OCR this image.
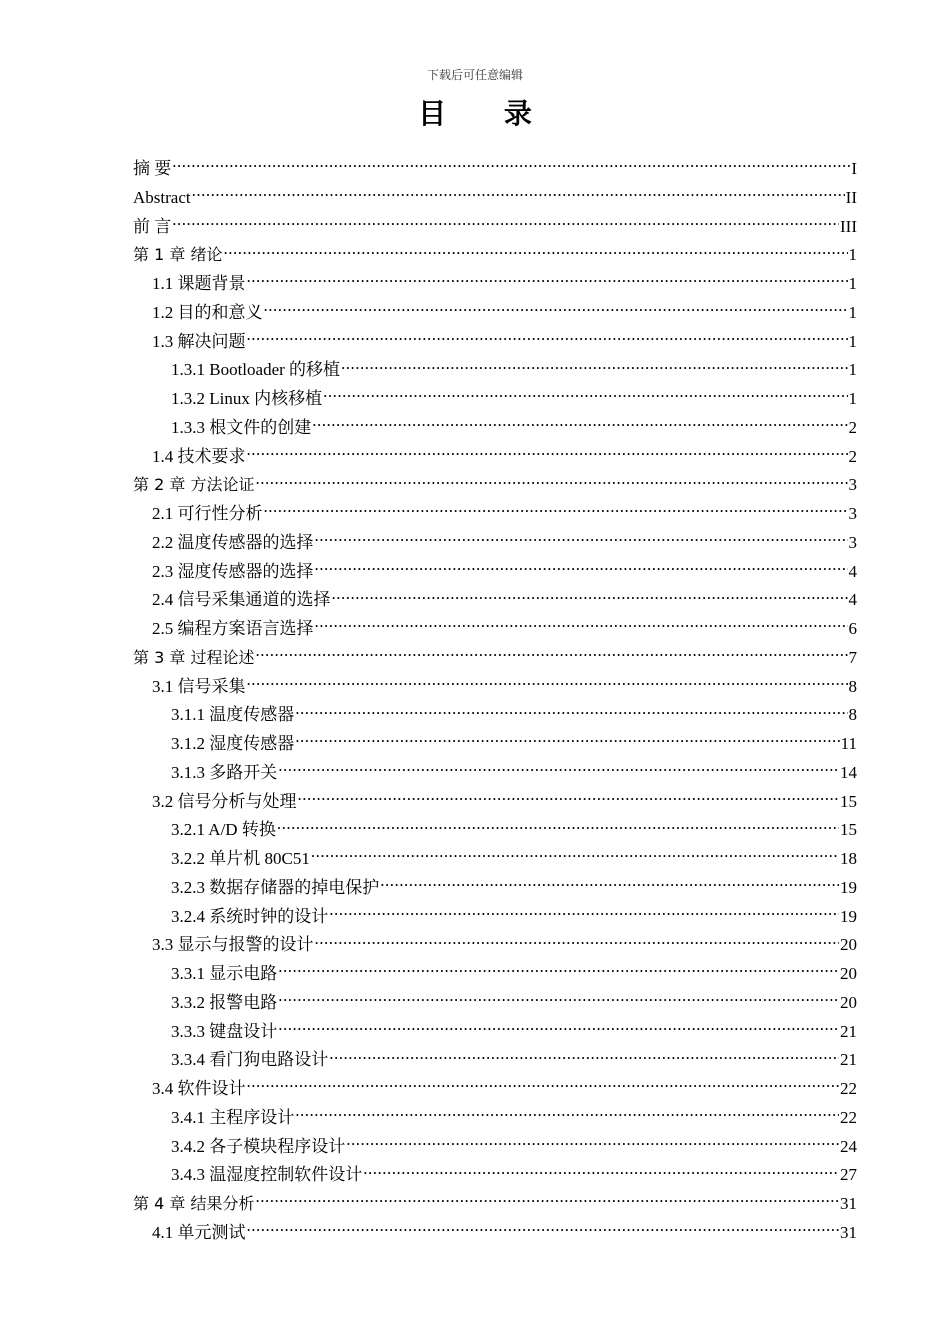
下载后可任意编辑
目 录
摘 要 .....	I
Abstract .....	II
前 言 .....	III
第 1 章 绪论 .....	1
1.1 课题背景 .....	1
1.2 目的和意义 .....	1
1.3 解决问题 .....	1
1.3.1 Bootloader 的移植 .....	1
1.3.2 Linux 内核移植 .....	1
1.3.3 根文件的创建 .....	2
1.4 技术要求 .....	2
第 2 章 方法论证 .....	3
2.1 可行性分析 .....	3
2.2 温度传感器的选择 .....	3
2.3 湿度传感器的选择 .....	4
2.4 信号采集通道的选择 .....	4
2.5 编程方案语言选择 .....	6
第 3 章 过程论述 .....	7
3.1 信号采集 .....	8
3.1.1 温度传感器 .....	8
3.1.2 湿度传感器 .....	11
3.1.3 多路开关 .....	14
3.2 信号分析与处理 .....	15
3.2.1 A/D 转换 .....	15
3.2.2 单片机 80C51 .....	18
3.2.3 数据存储器的掉电保护 .....	19
3.2.4 系统时钟的设计 .....	19
3.3 显示与报警的设计 .....	20
3.3.1 显示电路 .....	20
3.3.2 报警电路 .....	20
3.3.3 键盘设计 .....	21
3.3.4 看门狗电路设计 .....	21
3.4 软件设计 .....	22
3.4.1 主程序设计 .....	22
3.4.2 各子模块程序设计 .....	24
3.4.3 温湿度控制软件设计 .....	27
第 4 章 结果分析 .....	31
4.1 单元测试 .....	31
